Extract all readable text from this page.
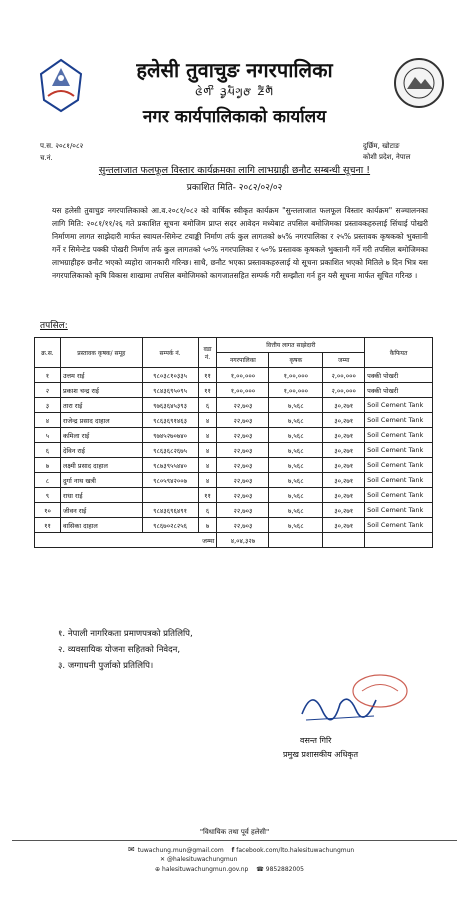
हलेसी तुवाचुङ नगरपालिका
ᤜᤧᤛᤡ ᤋᤢᤘᤠᤆᤢᤅ ᤏᤠᤛᤠ
नगर कार्यपालिकाको कार्यालय
प.स. २०८१/०८२
च.नं.
दुर्छिम, खोटाङ
कोशी प्रदेश, नेपाल
सुन्तलाजात फलफूल विस्तार कार्यक्रमका लागि लाभग्राही छनौट सम्बन्धी सूचना !
प्रकाशित मिति- २०८२/०२/०२
यस हलेसी तुवाचुङ नगरपालिकाको आ.व.२०८१/०८२ को वार्षिक स्वीकृत कार्यक्रम "सुन्तलाजात फलफूल विस्तार कार्यक्रम" सञ्चालनका लागि मिति: २०८१/११/२६ गते प्रकाशित सूचना बमोजिम प्राप्त सदर आवेदन मध्येबाट तपसिल बमोजिमका प्रस्तावकहरुलाई सिंचाई पोखरी निर्माणमा लागत साझेदारी मार्फत स्वायल-सिमेन्ट टयाङ्की निर्माण तर्फ कुल लागतको ७५% नगरपालिका र २५% प्रस्तावक कृषकको भुक्तानी गर्ने र सिमेन्टेड पक्की पोखरी निर्माण तर्फ कुल लागतको ५०% नगरपालिका र ५०% प्रस्तावक कृषकले भुक्तानी गर्ने गरी तपसिल बमोजिमका लाभग्राहीहरु छनौट भएको व्यहोरा जानकारी गरिन्छ। साथै, छनौट भएका प्रस्तावकहरुलाई यो सूचना प्रकाशित भएको मितिले ७ दिन भित्र यस नगरपालिकाको कृषि विकास शाखामा तपसिल बमोजिमको कागजातसहित सम्पर्क गरी सम्झौता गर्न हुन यसै सूचना मार्फत सूचित गरिन्छ ।
तपसिल:
क्र.स.	प्रस्तावक कृषक/ समूह	सम्पर्क नं.	वडा नं.	वित्तीय लागत साझेदारी			कैफियत
				नगरपालिका	कृषक	जम्मा	
१	उत्तम राई	९८०३८१०३३५	११	१,००,०००	१,००,०००	२,००,०००	पक्की पोखरी
२	प्रकाश चन्द्र राई	९८४३६९५०९५	११	१,००,०००	१,००,०००	२,००,०००	पक्की पोखरी
३	तारा राई	९७६३६४५३९३	६	२२,७०३	७,५६८	३०,२७१	Soil Cement Tank
४	राजेन्द्र प्रसाद दाहाल	९८६३६९१४६३	४	२२,७०३	७,५६८	३०,२७१	Soil Cement Tank
५	कमिला राई	९७४५२७०७४०	४	२२,७०३	७,५६८	३०,२७१	Soil Cement Tank
६	देविन राई	९८६३६८२६७५	४	२२,७०३	७,५६८	३०,२७१	Soil Cement Tank
७	लक्ष्मी प्रसाद दाहाल	९८७३९५५४४०	४	२२,७०३	७,५६८	३०,२७१	Soil Cement Tank
८	दुर्गा नाथ खत्री	९८०५९४२००७	४	२२,७०३	७,५६८	३०,२७१	Soil Cement Tank
९	राधा राई		११	२२,७०३	७,५६८	३०,२७१	Soil Cement Tank
१०	जीवन राई	९८४३६९६४९१	६	२२,७०३	७,५६८	३०,२७१	Soil Cement Tank
११	वासिका दाहाल	९८६७०२८२५६	७	२२,७०३	७,५६८	३०,२७१	Soil Cement Tank
जम्मा				४,०४,३२७			
१. नेपाली नागरिकता प्रमाणपत्रको प्रतिलिपि,
२. व्यवसायिक योजना सहितको निवेदन,
३. जग्गाधनी पुर्जाको प्रतिलिपि।
वसन्त गिरि
प्रमुख प्रशासकीय अधिकृत
"विधायिक तथा पूर्व हलेसी"
✉ tuwachung.mun@gmail.com f facebook.com/lto.halesituwachungmun
✕ @halesituwachungmun
⊕ halesituwachungmun.gov.np ☎ 9852882005
